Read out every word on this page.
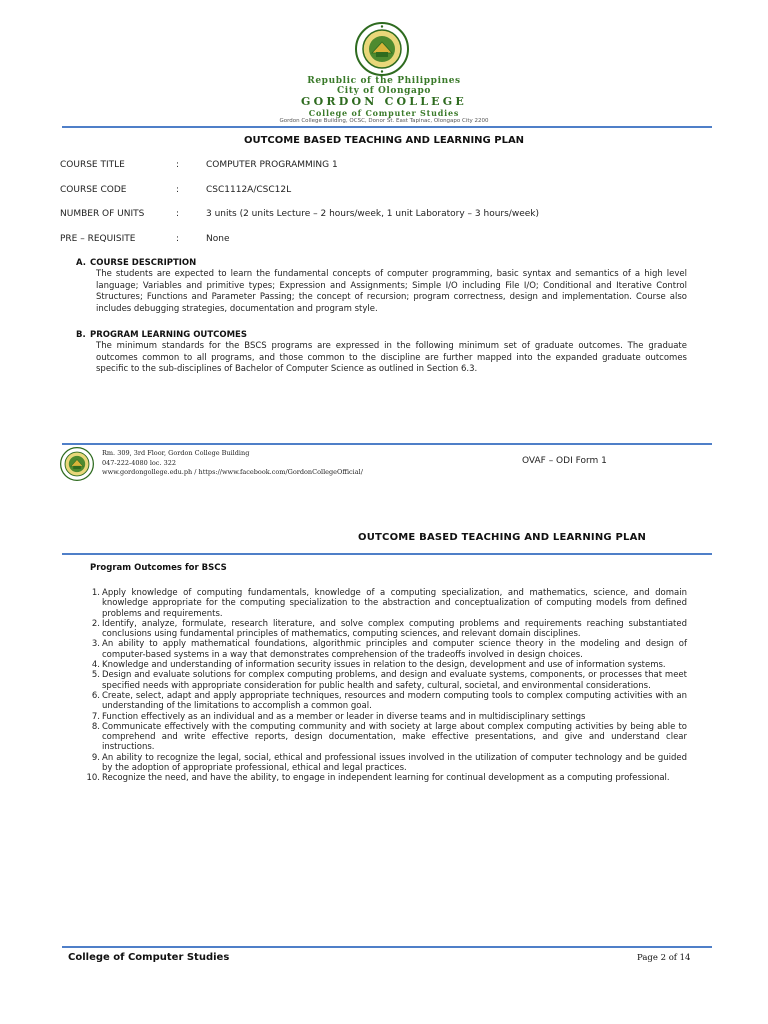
Republic of the Philippines
City of Olongapo
GORDON COLLEGE
College of Computer Studies
Gordon College Building, OCSC, Donor St. East Tapinac, Olongapo City 2200
OUTCOME BASED TEACHING AND LEARNING PLAN
COURSE TITLE	:	COMPUTER PROGRAMMING 1
COURSE CODE	:	CSC1112A/CSC12L
NUMBER OF UNITS	:	3 units (2 units Lecture – 2 hours/week, 1 unit Laboratory – 3 hours/week)
PRE – REQUISITE	:	None
A. COURSE DESCRIPTION
The students are expected to learn the fundamental concepts of computer programming, basic syntax and semantics of a high level language; Variables and primitive types; Expression and Assignments; Simple I/O including File I/O; Conditional and Iterative Control Structures; Functions and Parameter Passing; the concept of recursion; program correctness, design and implementation. Course also includes debugging strategies, documentation and program style.
B. PROGRAM LEARNING OUTCOMES
The minimum standards for the BSCS programs are expressed in the following minimum set of graduate outcomes. The graduate outcomes common to all programs, and those common to the discipline are further mapped into the expanded graduate outcomes specific to the sub-disciplines of Bachelor of Computer Science as outlined in Section 6.3.
Rm. 309, 3rd Floor, Gordon College Building
047-222-4080 loc. 322
www.gordongollege.edu.ph / https://www.facebook.com/GordonCollegeOfficial/
OVAF – ODI Form 1
OUTCOME BASED TEACHING AND LEARNING PLAN
Program Outcomes for BSCS
1. Apply knowledge of computing fundamentals, knowledge of a computing specialization, and mathematics, science, and domain knowledge appropriate for the computing specialization to the abstraction and conceptualization of computing models from defined problems and requirements.
2. Identify, analyze, formulate, research literature, and solve complex computing problems and requirements reaching substantiated conclusions using fundamental principles of mathematics, computing sciences, and relevant domain disciplines.
3. An ability to apply mathematical foundations, algorithmic principles and computer science theory in the modeling and design of computer-based systems in a way that demonstrates comprehension of the tradeoffs involved in design choices.
4. Knowledge and understanding of information security issues in relation to the design, development and use of information systems.
5. Design and evaluate solutions for complex computing problems, and design and evaluate systems, components, or processes that meet specified needs with appropriate consideration for public health and safety, cultural, societal, and environmental considerations.
6. Create, select, adapt and apply appropriate techniques, resources and modern computing tools to complex computing activities with an understanding of the limitations to accomplish a common goal.
7. Function effectively as an individual and as a member or leader in diverse teams and in multidisciplinary settings
8. Communicate effectively with the computing community and with society at large about complex computing activities by being able to comprehend and write effective reports, design documentation, make effective presentations, and give and understand clear instructions.
9. An ability to recognize the legal, social, ethical and professional issues involved in the utilization of computer technology and be guided by the adoption of appropriate professional, ethical and legal practices.
10. Recognize the need, and have the ability, to engage in independent learning for continual development as a computing professional.
College of Computer Studies	Page 2 of 14
